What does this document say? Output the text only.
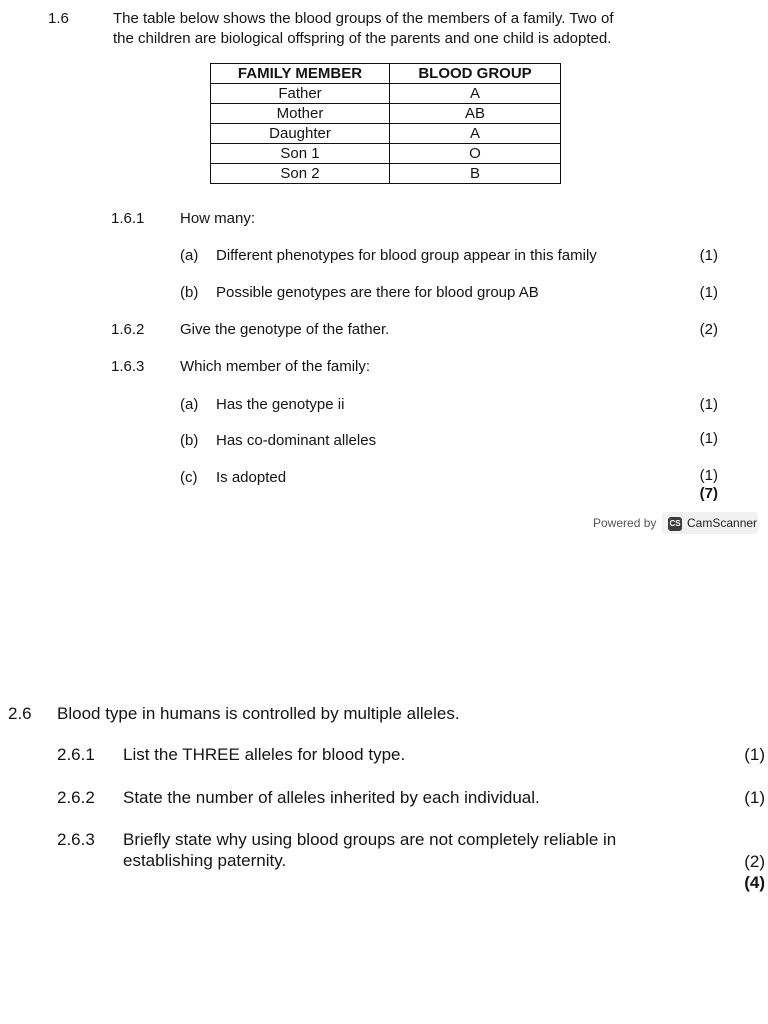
1.6	The table below shows the blood groups of the members of a family. Two of
the children are biological offspring of the parents and one child is adopted.
FAMILY MEMBER	BLOOD GROUP
Father	A
Mother	AB
Daughter	A
Son 1	O
Son 2	B
1.6.1 How many:
(a) Different phenotypes for blood group appear in this family	(1)
(b) Possible genotypes are there for blood group AB	(1)
1.6.2 Give the genotype of the father.	(2)
1.6.3 Which member of the family:
(a) Has the genotype ii	(1)
(b) Has co-dominant alleles	(1)
(c) Is adopted	(1)
(7)
Powered by CS CamScanner
2.6 Blood type in humans is controlled by multiple alleles.
2.6.1 List the THREE alleles for blood type.	(1)
2.6.2 State the number of alleles inherited by each individual.	(1)
2.6.3 Briefly state why using blood groups are not completely reliable in
establishing paternity.	(2)
(4)
